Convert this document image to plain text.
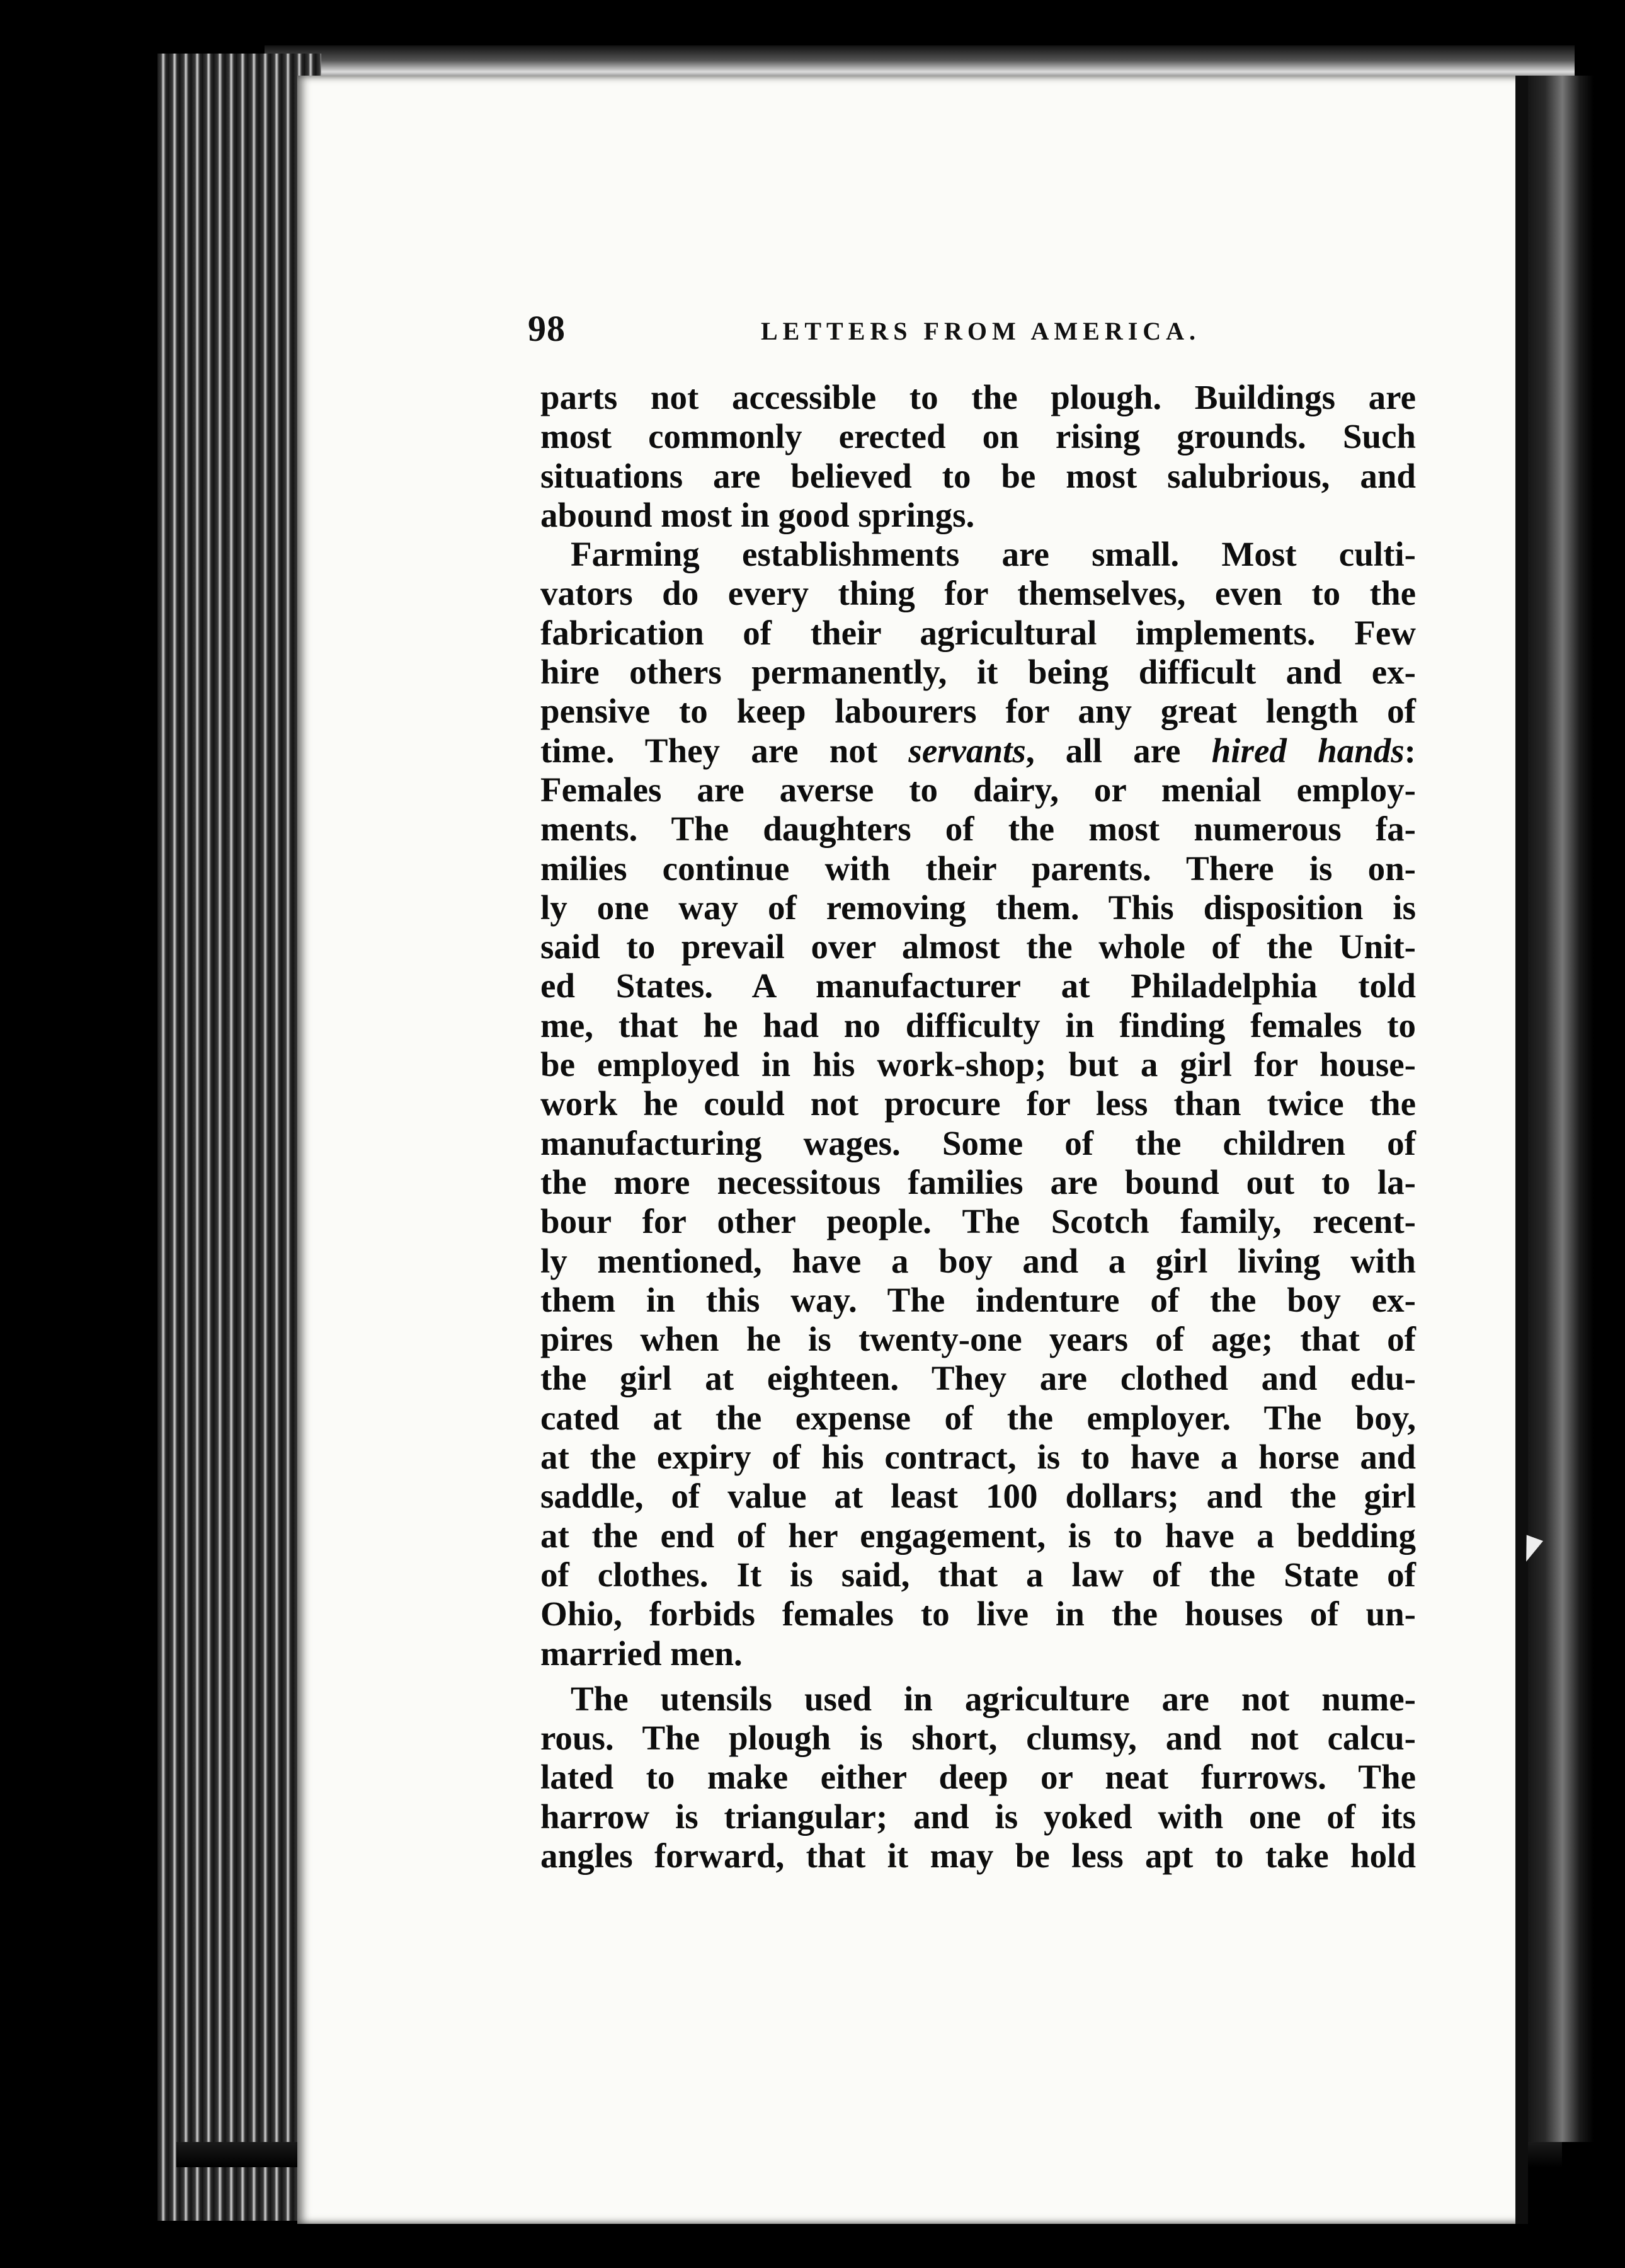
98	LETTERS FROM AMERICA.
parts not accessible to the plough. Buildings are
most commonly erected on rising grounds. Such
situations are believed to be most salubrious, and
abound most in good springs.
Farming establishments are small. Most culti-
vators do every thing for themselves, even to the
fabrication of their agricultural implements. Few
hire others permanently, it being difficult and ex-
pensive to keep labourers for any great length of
time. They are not servants, all are hired hands:
Females are averse to dairy, or menial employ-
ments. The daughters of the most numerous fa-
milies continue with their parents. There is on-
ly one way of removing them. This disposition is
said to prevail over almost the whole of the Unit-
ed States. A manufacturer at Philadelphia told
me, that he had no difficulty in finding females to
be employed in his work-shop; but a girl for house-
work he could not procure for less than twice the
manufacturing wages. Some of the children of
the more necessitous families are bound out to la-
bour for other people. The Scotch family, recent-
ly mentioned, have a boy and a girl living with
them in this way. The indenture of the boy ex-
pires when he is twenty-one years of age; that of
the girl at eighteen. They are clothed and edu-
cated at the expense of the employer. The boy,
at the expiry of his contract, is to have a horse and
saddle, of value at least 100 dollars; and the girl
at the end of her engagement, is to have a bedding
of clothes. It is said, that a law of the State of
Ohio, forbids females to live in the houses of un-
married men.
The utensils used in agriculture are not nume-
rous. The plough is short, clumsy, and not calcu-
lated to make either deep or neat furrows. The
harrow is triangular; and is yoked with one of its
angles forward, that it may be less apt to take hold
